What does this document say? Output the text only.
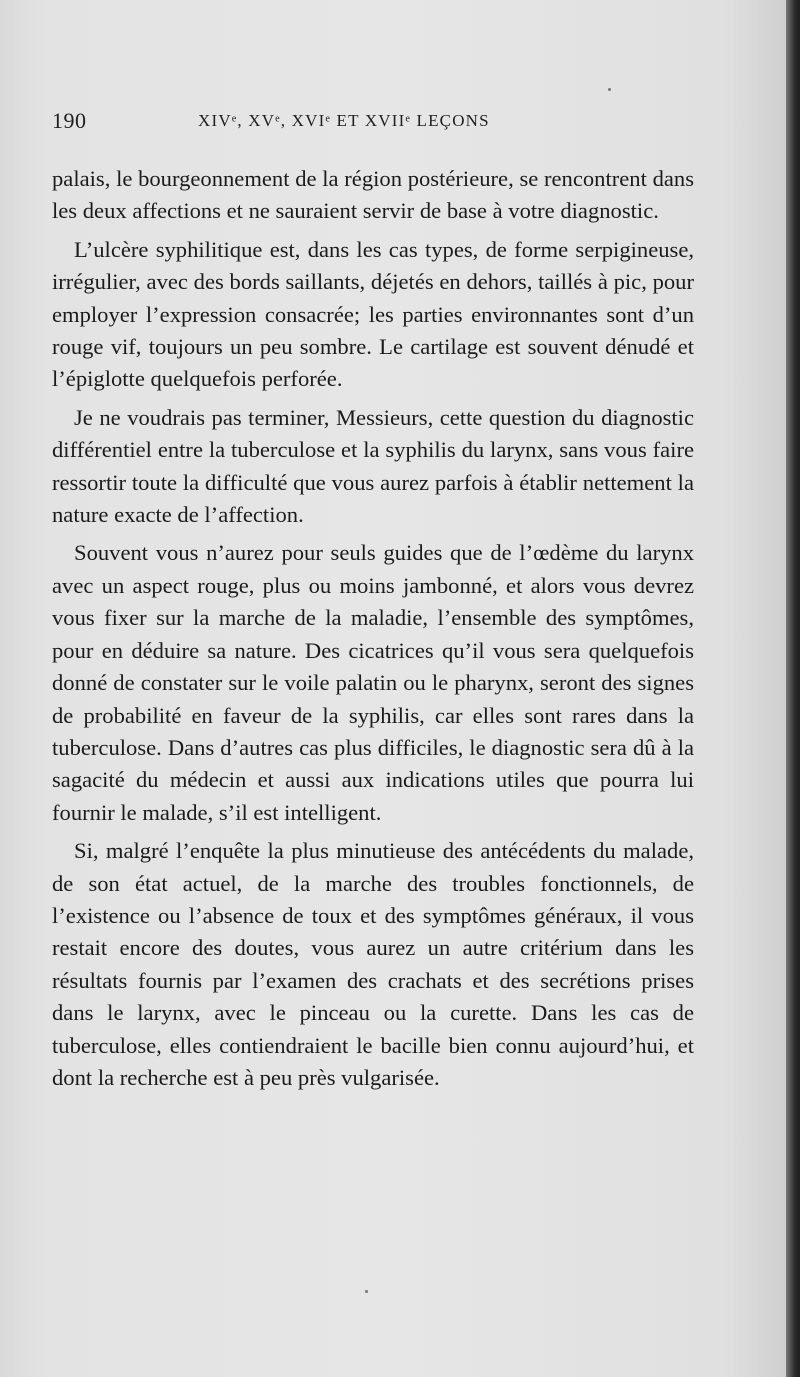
190	XIVᵉ, XVᵉ, XVIᵉ ET XVIIᵉ LEÇONS

palais, le bourgeonnement de la région postérieure, se rencontrent dans les deux affections et ne sauraient servir de base à votre diagnostic.

L’ulcère syphilitique est, dans les cas types, de forme serpigineuse, irrégulier, avec des bords saillants, déjetés en dehors, taillés à pic, pour employer l’expression consacrée; les parties environnantes sont d’un rouge vif, toujours un peu sombre. Le cartilage est souvent dénudé et l’épiglotte quelquefois perforée.

Je ne voudrais pas terminer, Messieurs, cette question du diagnostic différentiel entre la tuberculose et la syphilis du larynx, sans vous faire ressortir toute la difficulté que vous aurez parfois à établir nettement la nature exacte de l’affection.

Souvent vous n’aurez pour seuls guides que de l’œdème du larynx avec un aspect rouge, plus ou moins jambonné, et alors vous devrez vous fixer sur la marche de la maladie, l’ensemble des symptômes, pour en déduire sa nature. Des cicatrices qu’il vous sera quelquefois donné de constater sur le voile palatin ou le pharynx, seront des signes de probabilité en faveur de la syphilis, car elles sont rares dans la tuberculose. Dans d’autres cas plus difficiles, le diagnostic sera dû à la sagacité du médecin et aussi aux indications utiles que pourra lui fournir le malade, s’il est intelligent.

Si, malgré l’enquête la plus minutieuse des antécédents du malade, de son état actuel, de la marche des troubles fonctionnels, de l’existence ou l’absence de toux et des symptômes généraux, il vous restait encore des doutes, vous aurez un autre critérium dans les résultats fournis par l’examen des crachats et des secrétions prises dans le larynx, avec le pinceau ou la curette. Dans les cas de tuberculose, elles contiendraient le bacille bien connu aujourd’hui, et dont la recherche est à peu près vulgarisée.
